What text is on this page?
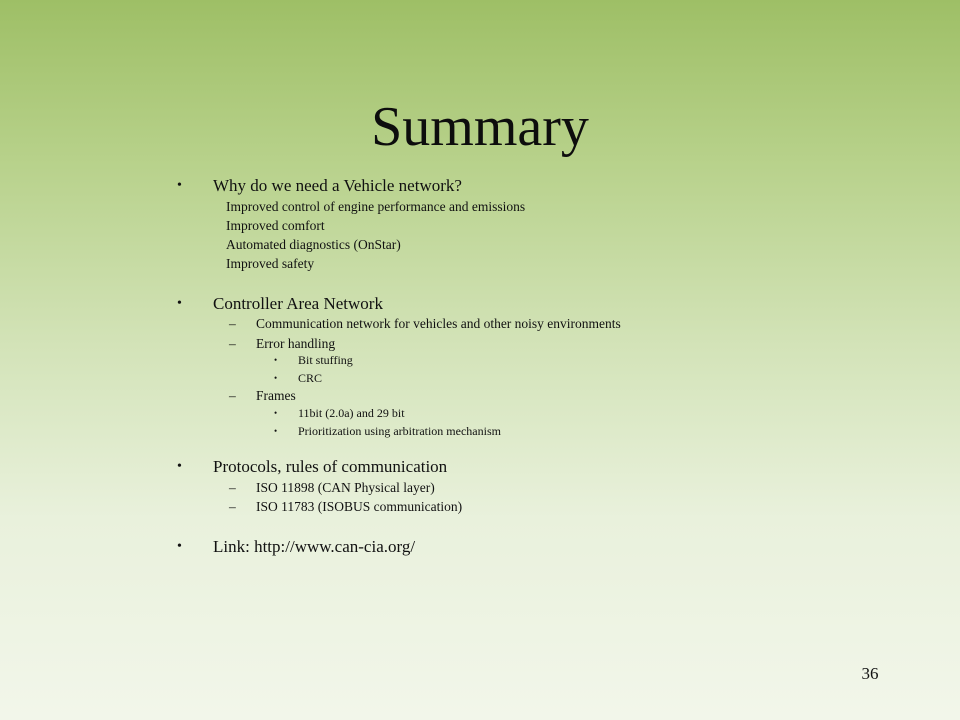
Summary
• Why do we need a Vehicle network?
Improved control of engine performance and emissions
Improved comfort
Automated diagnostics (OnStar)
Improved safety
• Controller Area Network
– Communication network for vehicles and other noisy environments
– Error handling
• Bit stuffing
• CRC
– Frames
• 11bit (2.0a) and 29 bit
• Prioritization using arbitration mechanism
• Protocols, rules of communication
– ISO 11898 (CAN Physical layer)
– ISO 11783 (ISOBUS communication)
• Link: http://www.can-cia.org/
36
